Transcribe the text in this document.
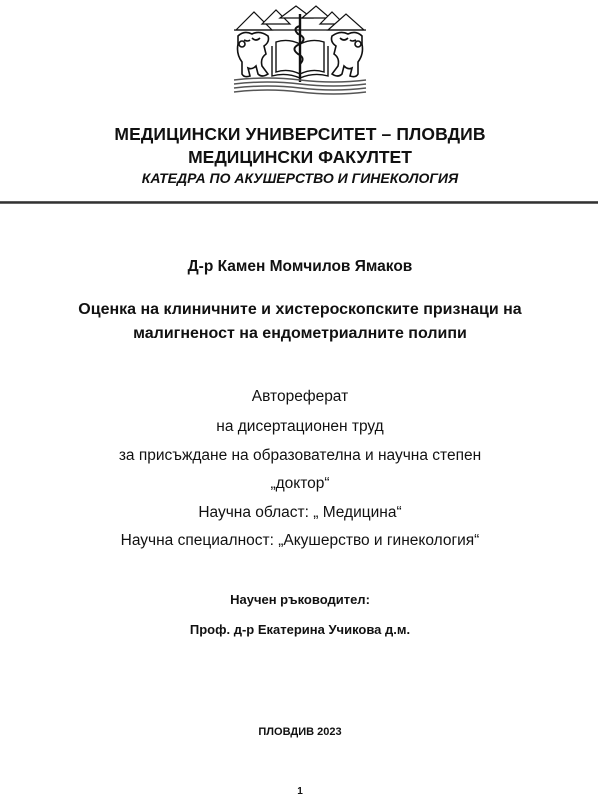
МЕДИЦИНСКИ УНИВЕРСИТЕТ – ПЛОВДИВ
МЕДИЦИНСКИ ФАКУЛТЕТ
КАТЕДРА ПО АКУШЕРСТВО И ГИНЕКОЛОГИЯ
Д-р Камен Момчилов Ямаков
Оценка на клиничните и хистероскопските признаци на
малигненост на ендометриалните полипи
Автореферат
на дисертационен труд
за присъждане на образователна и научна степен
„доктор“
Научна област: „ Медицина“
Научна специалност: „Акушерство и гинекология“
Научен ръководител:
Проф. д-р Екатерина Учикова д.м.
ПЛОВДИВ 2023
1
